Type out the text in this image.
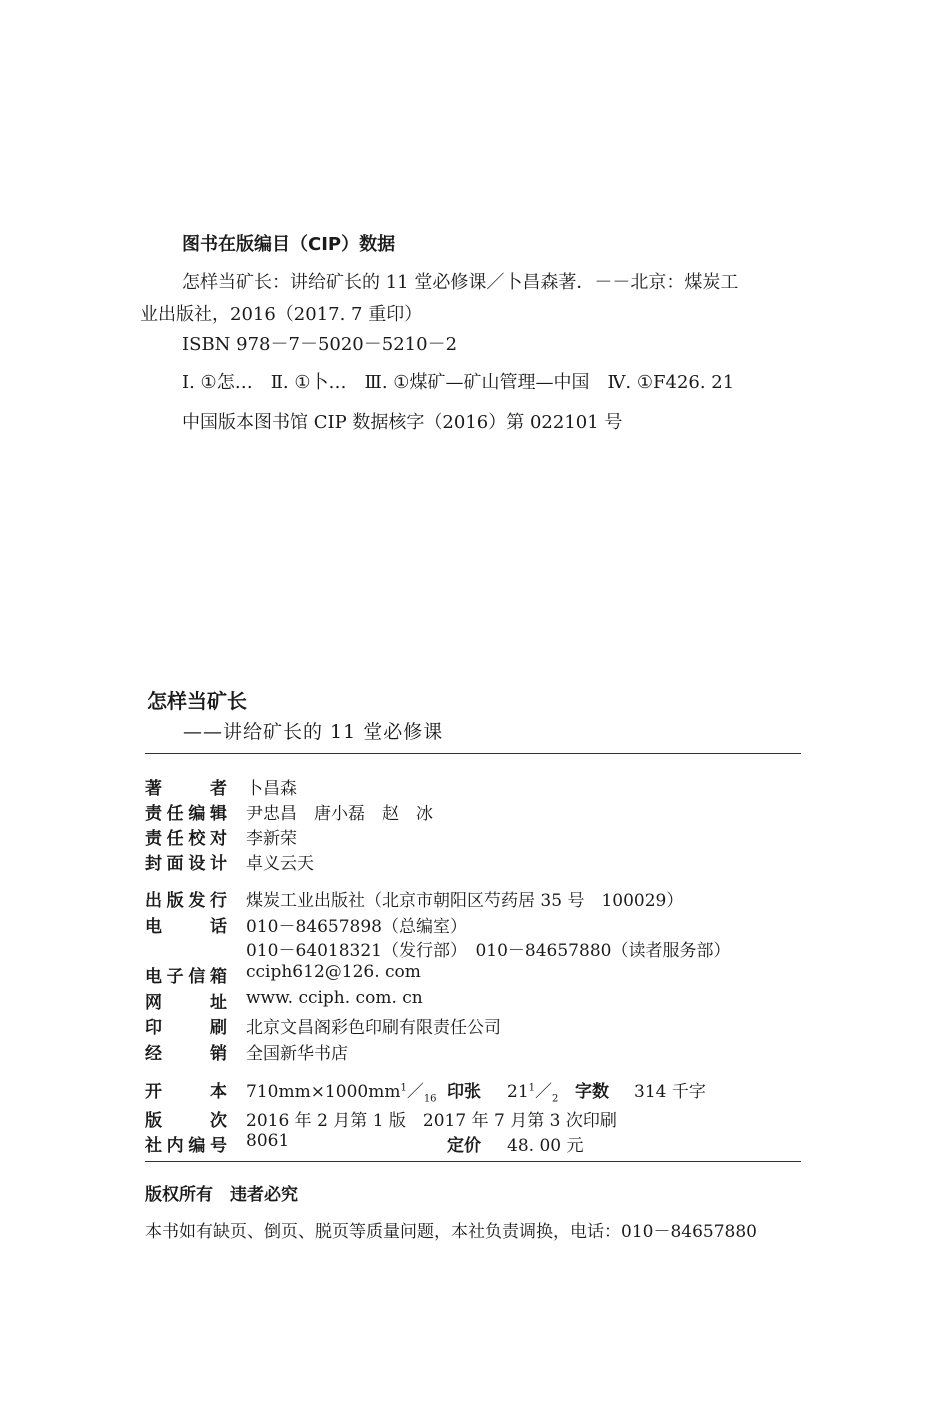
图书在版编目（CIP）数据
怎样当矿长：讲给矿长的 11 堂必修课／卜昌森著．－－北京：煤炭工
业出版社，2016（2017. 7 重印）
ISBN 978－7－5020－5210－2
Ⅰ. ①怎…　Ⅱ. ①卜…　Ⅲ. ①煤矿—矿山管理—中国　Ⅳ. ①F426. 21
中国版本图书馆 CIP 数据核字（2016）第 022101 号
怎样当矿长
——讲给矿长的 11 堂必修课
著　　者 卜昌森
责任编辑 尹忠昌　唐小磊　赵　冰
责任校对 李新荣
封面设计 卓义云天
出版发行 煤炭工业出版社（北京市朝阳区芍药居 35 号　100029）
电　　话 010－84657898（总编室）
010－64018321（发行部）　010－84657880（读者服务部）
电子信箱 cciph612@126. com
网　　址 www. cciph. com. cn
印　　刷 北京文昌阁彩色印刷有限责任公司
经　　销 全国新华书店
开　　本 $710mm\times 1000mm^1/_{16}$ 印张 $21^1/_2$ 字数 314 千字
版　　次 2016 年 2 月第 1 版　2017 年 7 月第 3 次印刷
社内编号 8061	定价 48. 00 元
版权所有　违者必究
本书如有缺页、倒页、脱页等质量问题，本社负责调换，电话：010－84657880
